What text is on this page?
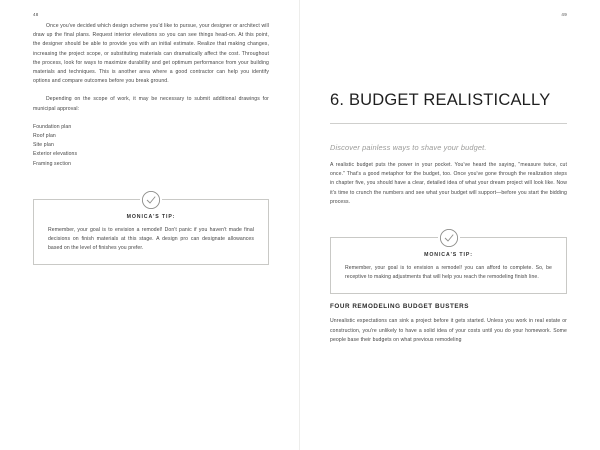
48

Once you've decided which design scheme you'd like to pursue, your designer or architect will draw up the final plans. Request interior elevations so you can see things head-on. At this point, the designer should be able to provide you with an initial estimate. Realize that making changes, increasing the project scope, or substituting materials can dramatically affect the cost. Throughout the process, look for ways to maximize durability and get optimum performance from your building materials and techniques. This is another area where a good contractor can help you identify options and compare outcomes before you break ground.

Depending on the scope of work, it may be necessary to submit additional drawings for municipal approval:

Foundation plan
Roof plan
Site plan
Exterior elevations
Framing section

MONICA'S TIP:

Remember, your goal is to envision a remodel! Don't panic if you haven't made final decisions on finish materials at this stage. A design pro can designate allowances based on the level of finishes you prefer.

49
6. BUDGET REALISTICALLY

Discover painless ways to shave your budget.

A realistic budget puts the power in your pocket. You've heard the saying, "measure twice, cut once." That's a good metaphor for the budget, too. Once you've gone through the realization steps in chapter five, you should have a clear, detailed idea of what your dream project will look like. Now it's time to crunch the numbers and see what your budget will support—before you start the bidding process.

MONICA'S TIP:

Remember, your goal is to envision a remodel! you can afford to complete. So, be receptive to making adjustments that will help you reach the remodeling finish line.

FOUR REMODELING BUDGET BUSTERS

Unrealistic expectations can sink a project before it gets started. Unless you work in real estate or construction, you're unlikely to have a solid idea of your costs until you do your homework. Some people base their budgets on what previous remodeling
